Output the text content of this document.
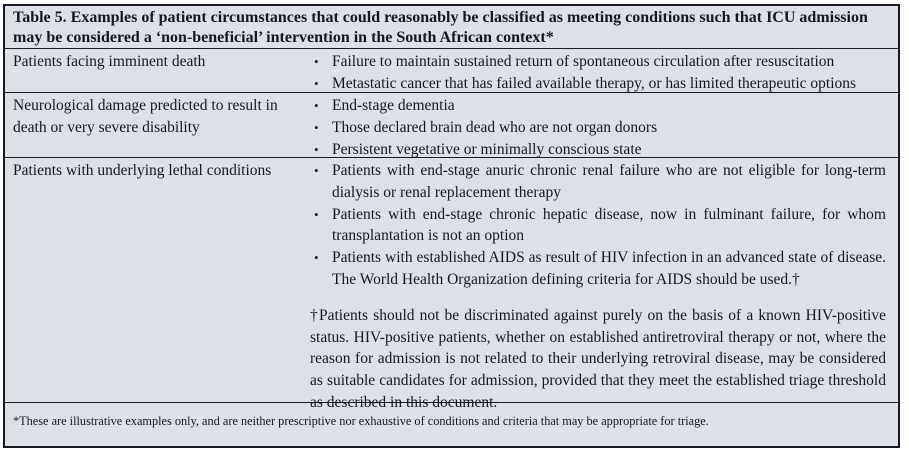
Table 5. Examples of patient circumstances that could reasonably be classified as meeting conditions such that ICU admission may be considered a ‘non-beneficial’ intervention in the South African context*
Patients facing imminent death	• Failure to maintain sustained return of spontaneous circulation after resuscitation
• Metastatic cancer that has failed available therapy, or has limited therapeutic options
Neurological damage predicted to result in death or very severe disability
• End-stage dementia
• Those declared brain dead who are not organ donors
• Persistent vegetative or minimally conscious state
Patients with underlying lethal conditions	• Patients with end-stage anuric chronic renal failure who are not eligible for long-term dialysis or renal replacement therapy
• Patients with end-stage chronic hepatic disease, now in fulminant failure, for whom transplantation is not an option
• Patients with established AIDS as result of HIV infection in an advanced state of disease. The World Health Organization defining criteria for AIDS should be used.†
†Patients should not be discriminated against purely on the basis of a known HIV-positive status. HIV-positive patients, whether on established antiretroviral therapy or not, where the reason for admission is not related to their underlying retroviral disease, may be considered as suitable candidates for admission, provided that they meet the established triage threshold as described in this document.
*These are illustrative examples only, and are neither prescriptive nor exhaustive of conditions and criteria that may be appropriate for triage.
